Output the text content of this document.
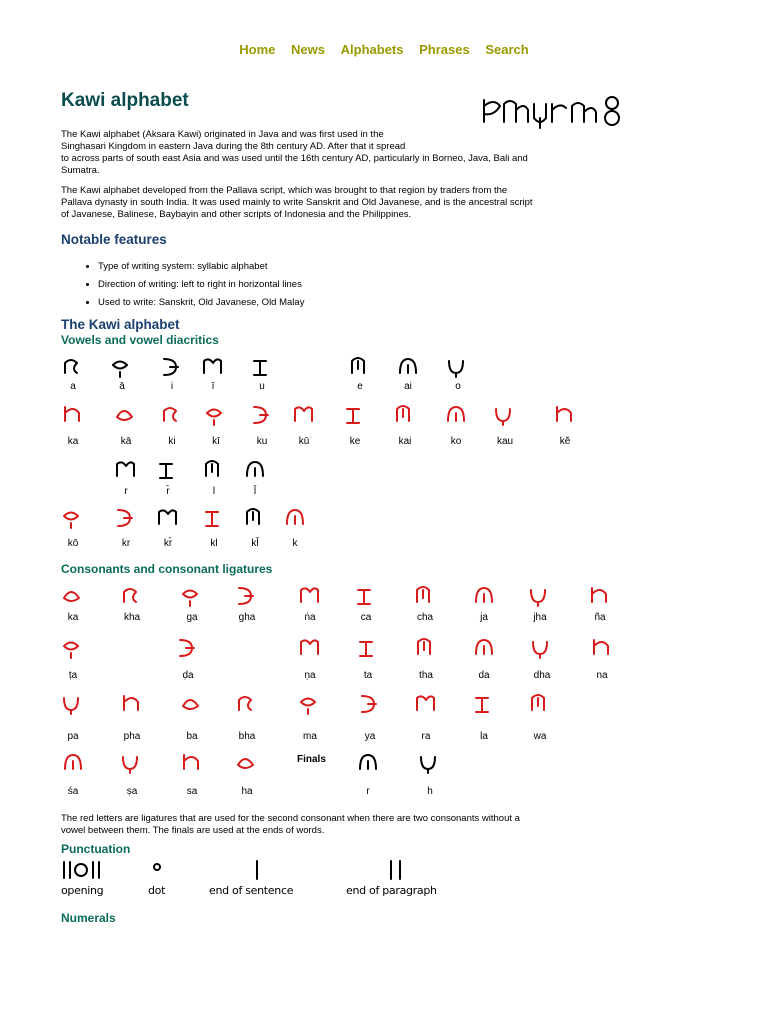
Home News Alphabets Phrases Search
Kawi alphabet

The Kawi alphabet (Aksara Kawi) originated in Java and was first used in the
Singhasari Kingdom in eastern Java during the 8th century AD. After that it spread
to across parts of south east Asia and was used until the 16th century AD, particularly in Borneo, Java, Bali and
Sumatra.

The Kawi alphabet developed from the Pallava script, which was brought to that region by traders from the
Pallava dynasty in south India. It was used mainly to write Sanskrit and Old Javanese, and is the ancestral script
of Javanese, Balinese, Baybayin and other scripts of Indonesia and the Philippines.

Notable features
• Type of writing system: syllabic alphabet
• Direction of writing: left to right in horizontal lines
• Used to write: Sanskrit, Old Javanese, Old Malay
The Kawi alphabet
Vowels and vowel diacritics
a	ā	i	ī	u	e	ai	o
ka	kā	ki	kī	ku	kū	ke	kai	ko	kau	kĕ
r	r̄	l	l̄
kō	kr	kr̄	kl	kl̄	k
Consonants and consonant ligatures
ka	kha	ga	gha	ṅa	ca	cha	ja	jha	ña
ṭa	ḍa	ṇa	ta	tha	da	dha	na
pa	pha	ba	bha	ma	ya	ra	la	wa
śa	ṣa	sa	ha	r	h
Finals

The red letters are ligatures that are used for the second consonant when there are two consonants without a
vowel between them. The finals are used at the ends of words.

Punctuation
opening	dot	end of sentence	end of paragraph
Numerals
